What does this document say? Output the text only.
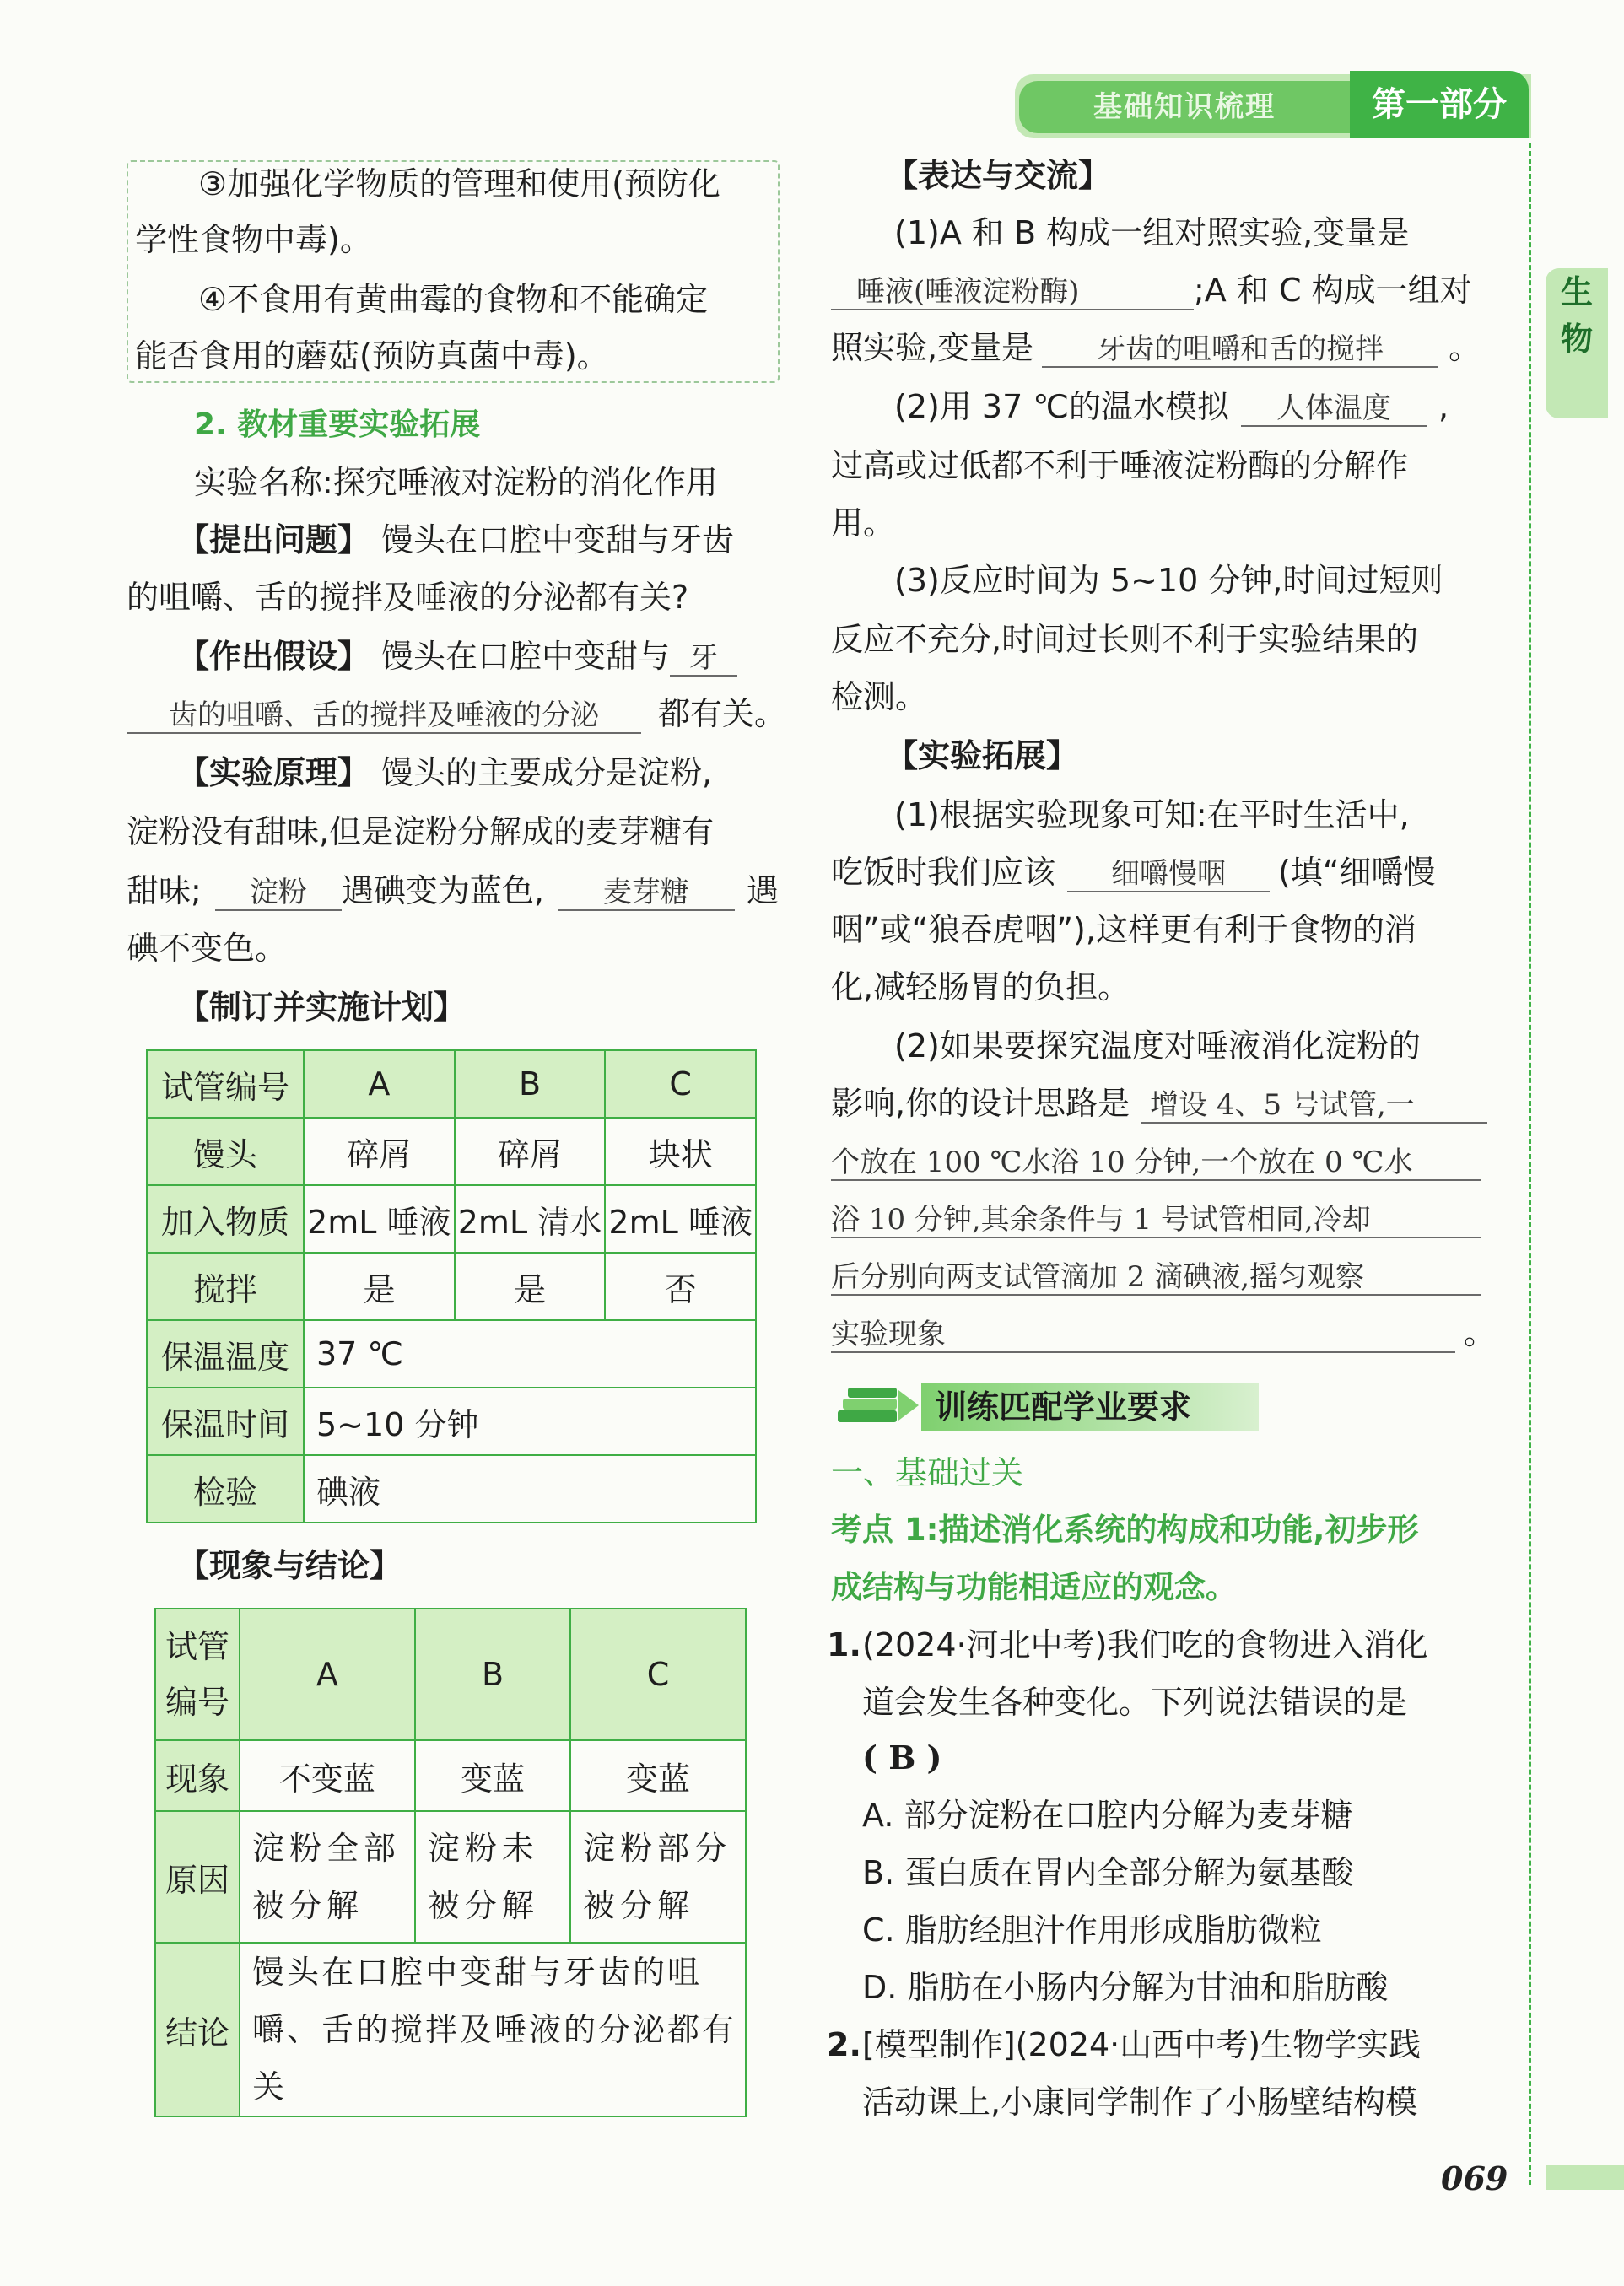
基础知识梳理	第一部分
生
物
069
③加强化学物质的管理和使用(预防化
学性食物中毒)。
④不食用有黄曲霉的食物和不能确定
能否食用的蘑菇(预防真菌中毒)。
2. 教材重要实验拓展
实验名称:探究唾液对淀粉的消化作用
【提出问题】 馒头在口腔中变甜与牙齿
的咀嚼、舌的搅拌及唾液的分泌都有关?
【作出假设】 馒头在口腔中变甜与 牙
齿的咀嚼、舌的搅拌及唾液的分泌 都有关。
【实验原理】 馒头的主要成分是淀粉,
淀粉没有甜味,但是淀粉分解成的麦芽糖有
甜味; 淀粉 遇碘变为蓝色, 麦芽糖 遇
碘不变色。
【制订并实施计划】
试管编号	A	B	C
馒头	碎屑	碎屑	块状
加入物质	2mL 唾液	2mL 清水	2mL 唾液
搅拌	是	是	否
保温温度	37 ℃		
保温时间	5~10 分钟		
检验	碘液		
【现象与结论】
试管编号	A	B	C
现象	不变蓝	变蓝	变蓝
原因	淀粉全部被分解	淀粉未被分解	淀粉部分被分解
结论	馒头在口腔中变甜与牙齿的咀嚼、舌的搅拌及唾液的分泌都有关		
【表达与交流】
(1)A 和 B 构成一组对照实验,变量是
唾液(唾液淀粉酶)	;A 和 C 构成一组对
照实验,变量是 牙齿的咀嚼和舌的搅拌 。
(2)用 37 ℃的温水模拟 人体温度 ,
过高或过低都不利于唾液淀粉酶的分解作
用。
(3)反应时间为 5~10 分钟,时间过短则
反应不充分,时间过长则不利于实验结果的
检测。
【实验拓展】
(1)根据实验现象可知:在平时生活中,
吃饭时我们应该 细嚼慢咽 (填“细嚼慢
咽”或“狼吞虎咽”),这样更有利于食物的消
化,减轻肠胃的负担。
(2)如果要探究温度对唾液消化淀粉的
影响,你的设计思路是 增设 4、5 号试管,一
个放在 100 ℃水浴 10 分钟,一个放在 0 ℃水
浴 10 分钟,其余条件与 1 号试管相同,冷却
后分别向两支试管滴加 2 滴碘液,摇匀观察
实验现象	。
训练匹配学业要求
一、基础过关
考点 1:描述消化系统的构成和功能,初步形
成结构与功能相适应的观念。
1. (2024·河北中考)我们吃的食物进入消化
道会发生各种变化。下列说法错误的是
( B )
A. 部分淀粉在口腔内分解为麦芽糖
B. 蛋白质在胃内全部分解为氨基酸
C. 脂肪经胆汁作用形成脂肪微粒
D. 脂肪在小肠内分解为甘油和脂肪酸
2. [模型制作](2024·山西中考)生物学实践
活动课上,小康同学制作了小肠壁结构模
